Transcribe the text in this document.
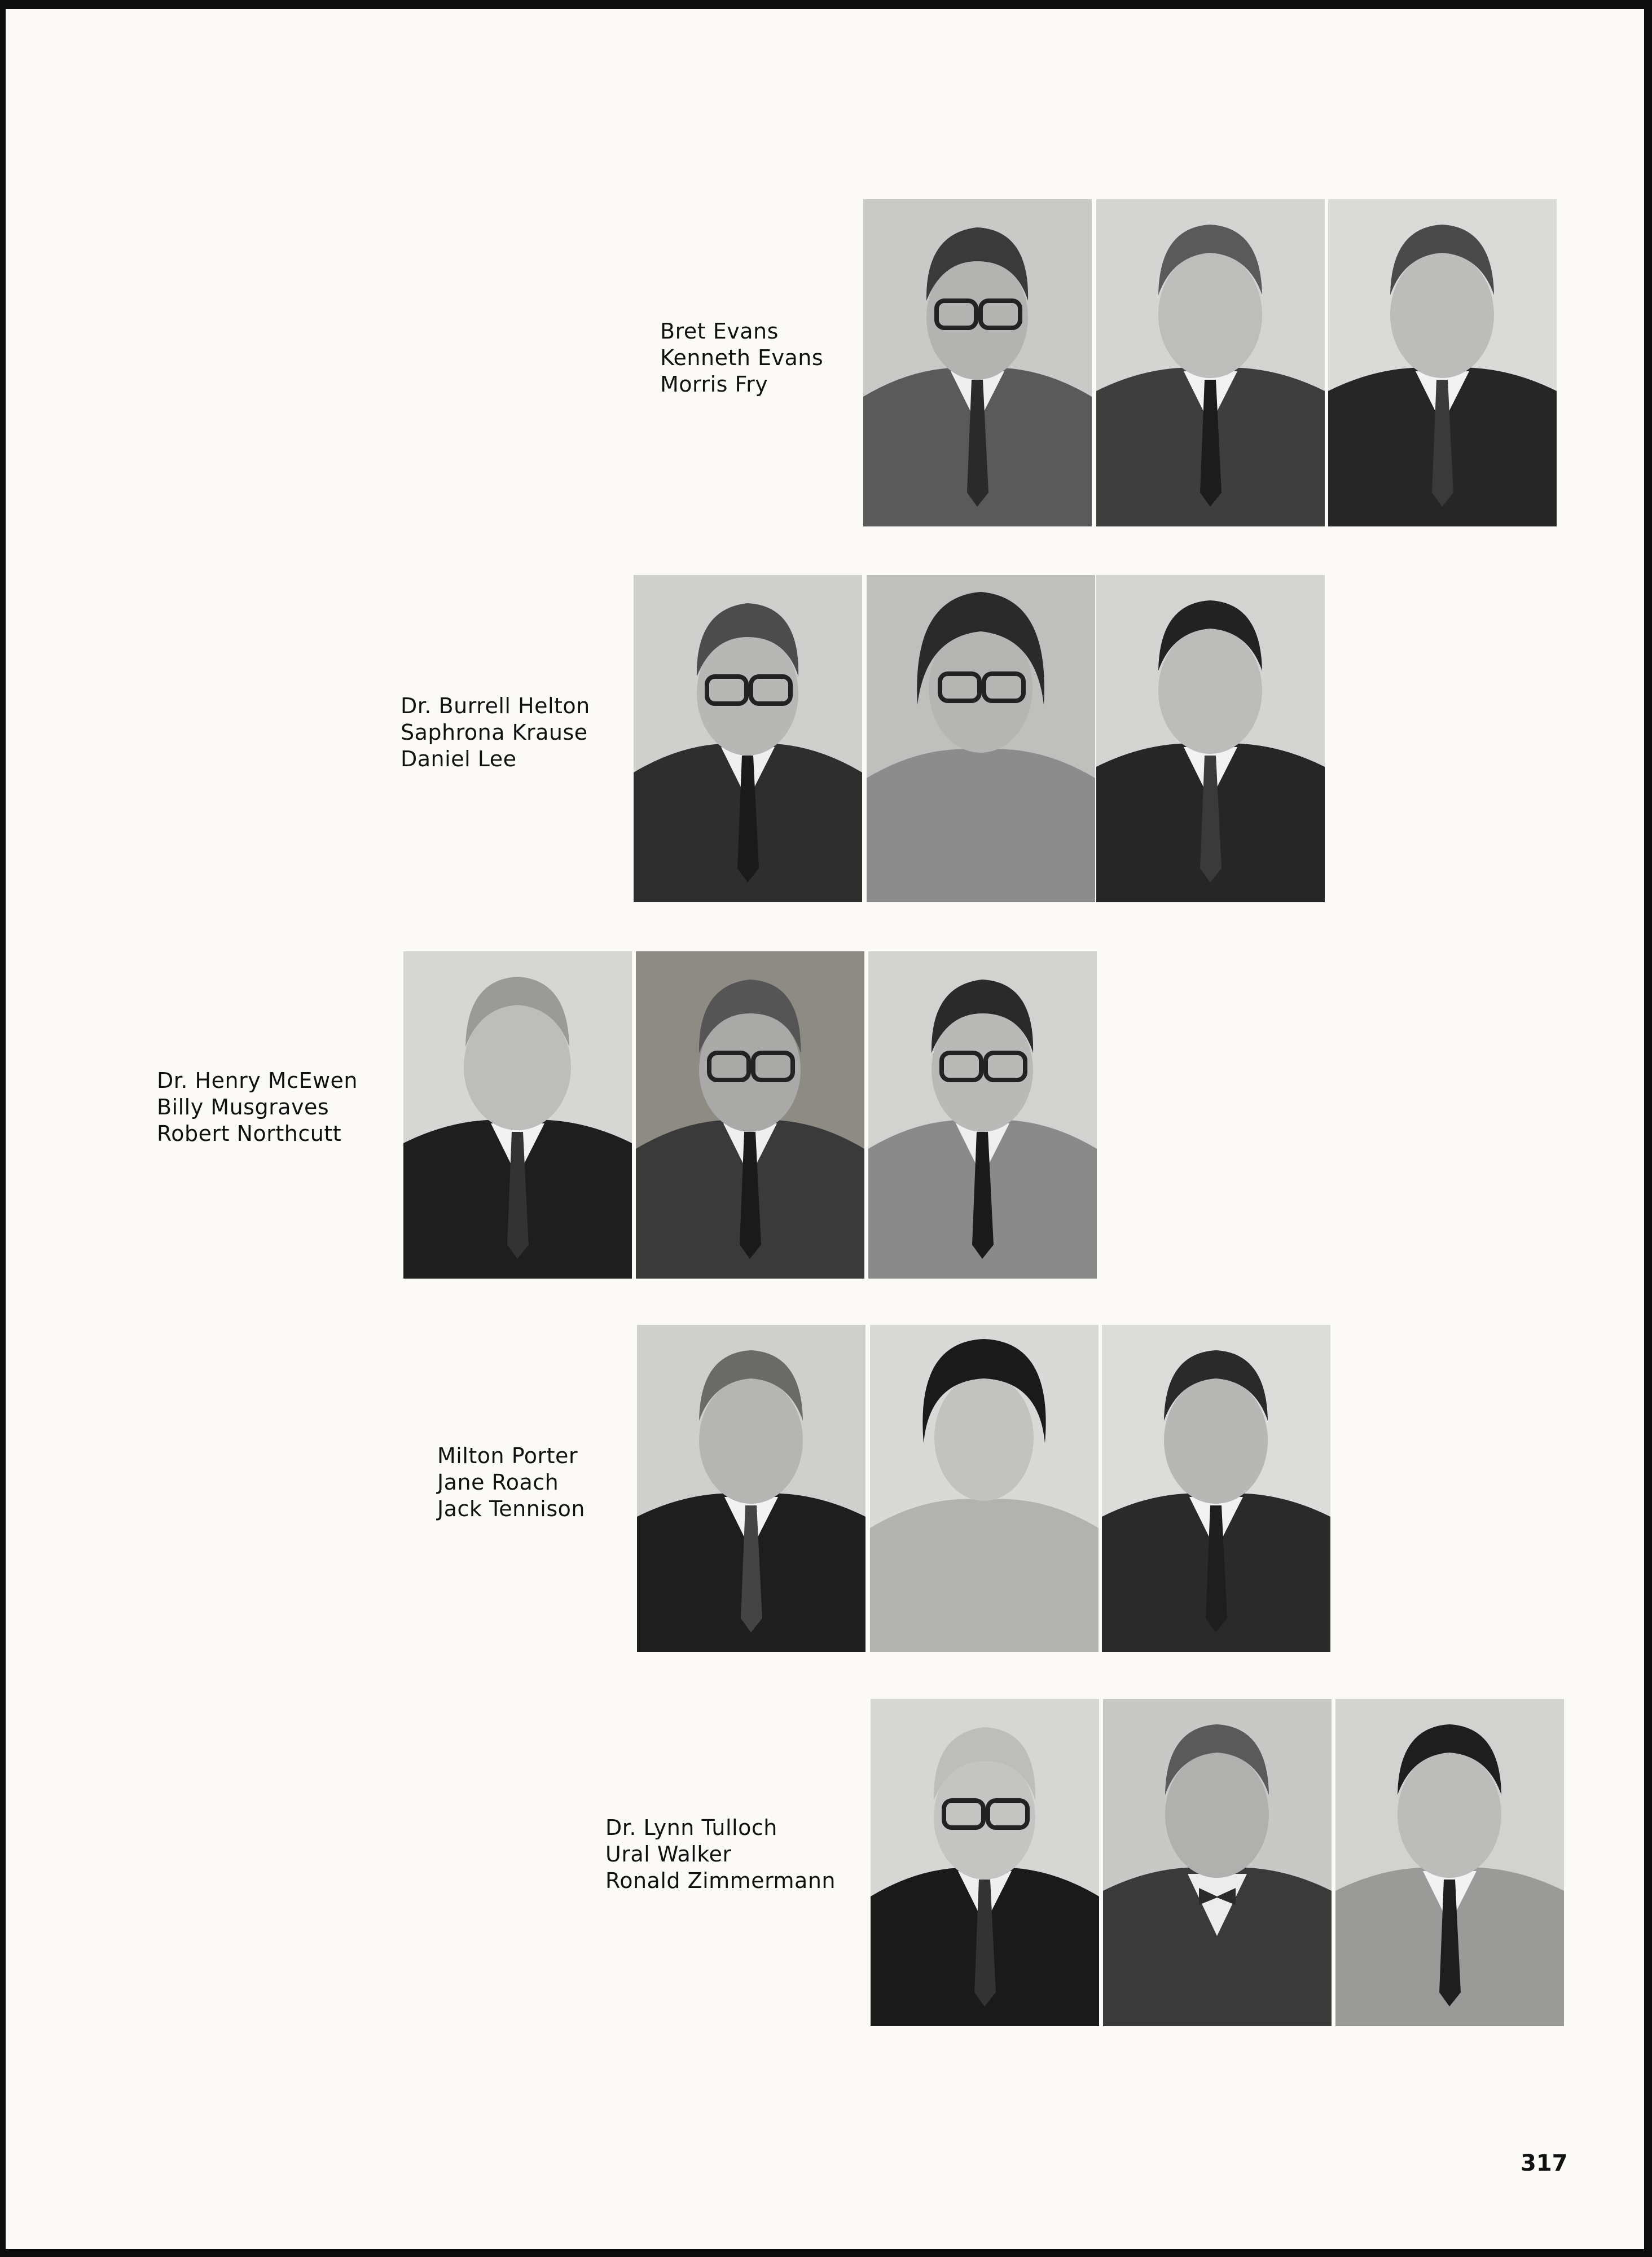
Bret Evans
Kenneth Evans
Morris Fry
Dr. Burrell Helton
Saphrona Krause
Daniel Lee
Dr. Henry McEwen
Billy Musgraves
Robert Northcutt
Milton Porter
Jane Roach
Jack Tennison
Dr. Lynn Tulloch
Ural Walker
Ronald Zimmermann
317
